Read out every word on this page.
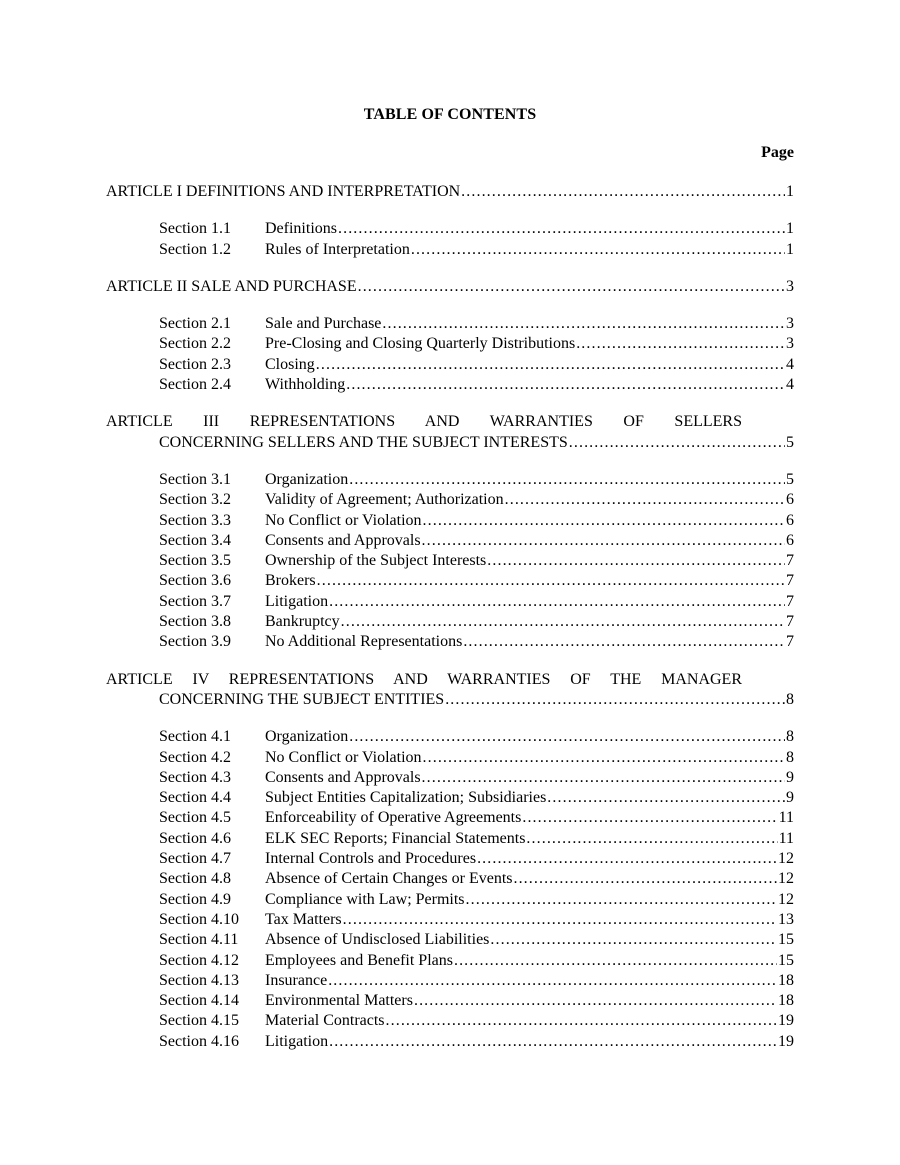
TABLE OF CONTENTS
Page
ARTICLE I DEFINITIONS AND INTERPRETATION .....	1
Section 1.1	Definitions .....	1
Section 1.2	Rules of Interpretation .....	1
ARTICLE II SALE AND PURCHASE .....	3
Section 2.1	Sale and Purchase .....	3
Section 2.2	Pre-Closing and Closing Quarterly Distributions .....	3
Section 2.3	Closing .....	4
Section 2.4	Withholding .....	4
ARTICLE III REPRESENTATIONS AND WARRANTIES OF SELLERS
CONCERNING SELLERS AND THE SUBJECT INTERESTS .....	5
Section 3.1	Organization .....	5
Section 3.2	Validity of Agreement; Authorization .....	6
Section 3.3	No Conflict or Violation .....	6
Section 3.4	Consents and Approvals .....	6
Section 3.5	Ownership of the Subject Interests .....	7
Section 3.6	Brokers .....	7
Section 3.7	Litigation .....	7
Section 3.8	Bankruptcy .....	7
Section 3.9	No Additional Representations .....	7
ARTICLE IV REPRESENTATIONS AND WARRANTIES OF THE MANAGER
CONCERNING THE SUBJECT ENTITIES .....	8
Section 4.1	Organization .....	8
Section 4.2	No Conflict or Violation .....	8
Section 4.3	Consents and Approvals .....	9
Section 4.4	Subject Entities Capitalization; Subsidiaries .....	9
Section 4.5	Enforceability of Operative Agreements .....	11
Section 4.6	ELK SEC Reports; Financial Statements .....	11
Section 4.7	Internal Controls and Procedures .....	12
Section 4.8	Absence of Certain Changes or Events .....	12
Section 4.9	Compliance with Law; Permits .....	12
Section 4.10	Tax Matters .....	13
Section 4.11	Absence of Undisclosed Liabilities .....	15
Section 4.12	Employees and Benefit Plans .....	15
Section 4.13	Insurance .....	18
Section 4.14	Environmental Matters .....	18
Section 4.15	Material Contracts .....	19
Section 4.16	Litigation .....	19
